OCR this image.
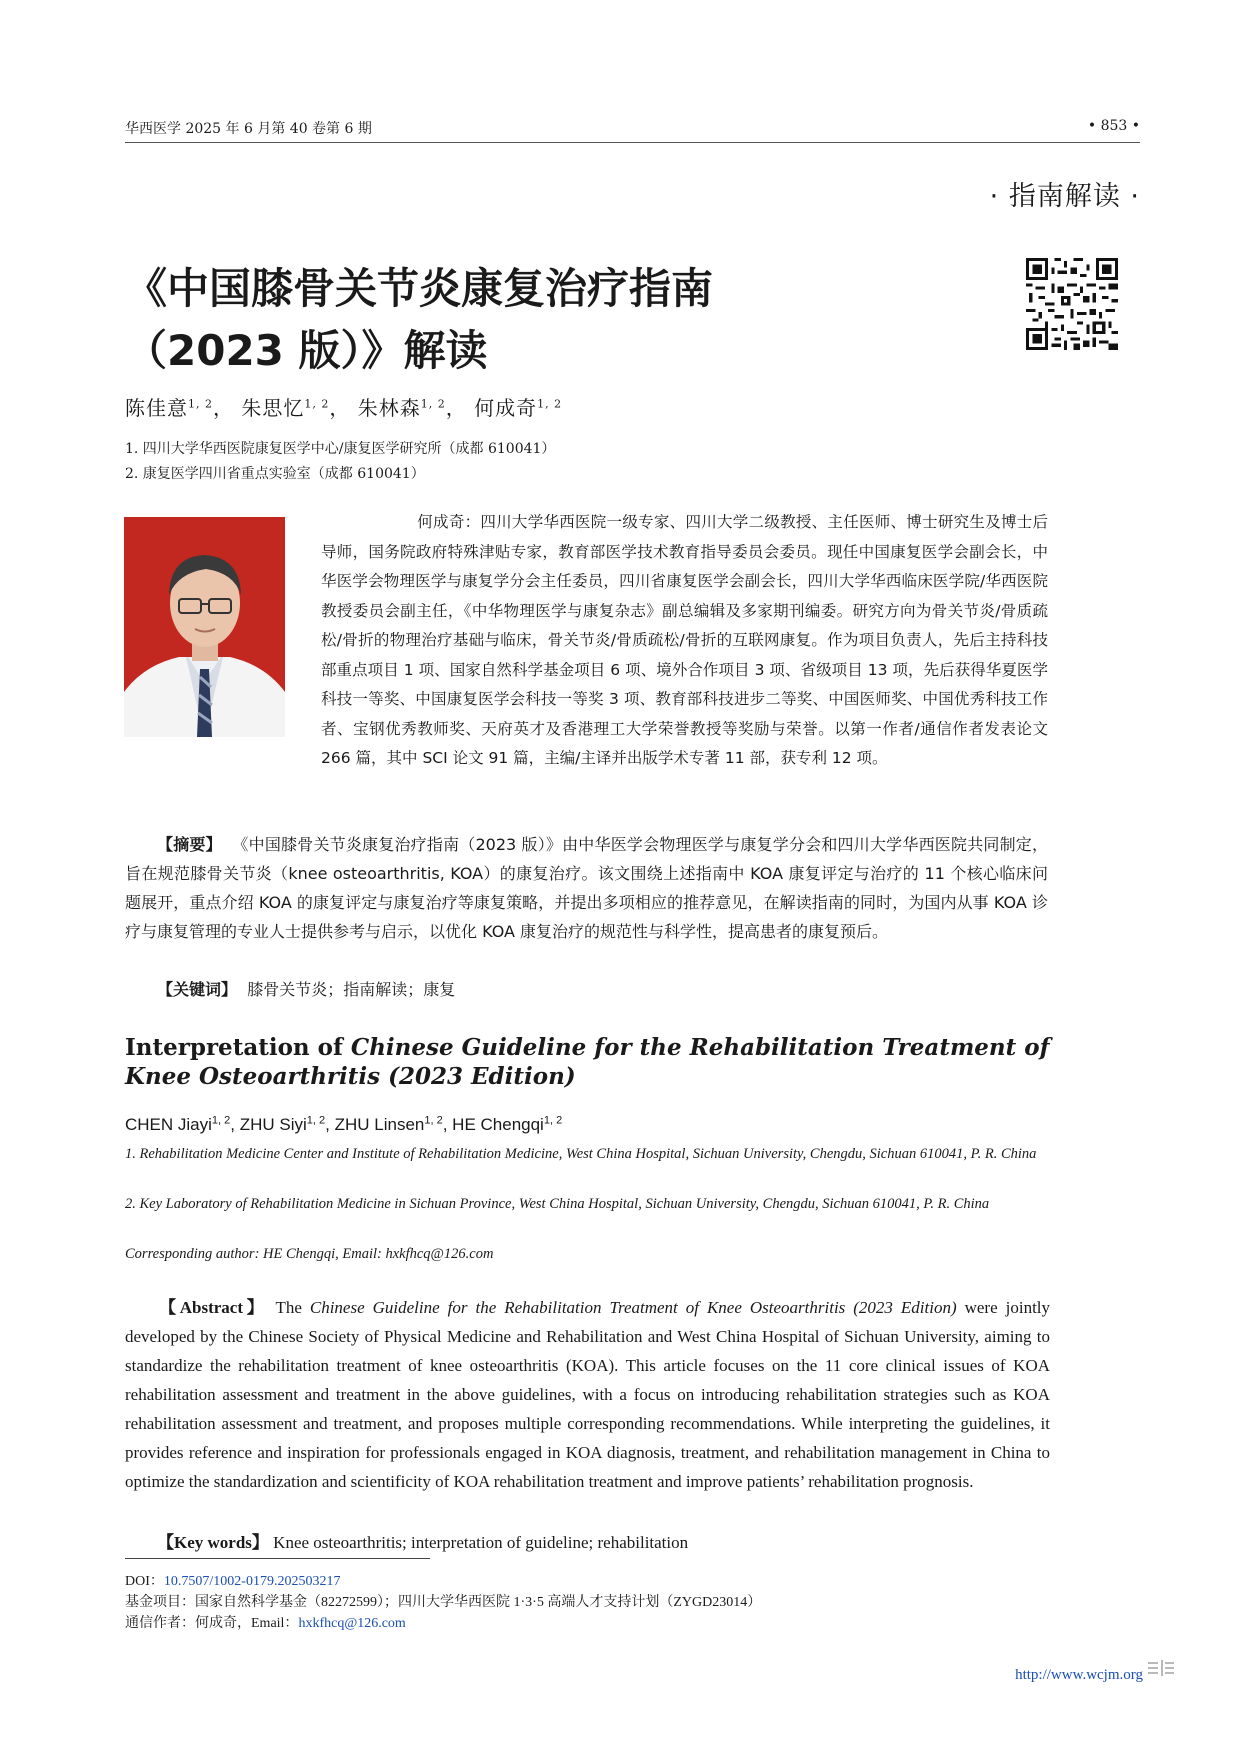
华西医学 2025 年 6 月第 40 卷第 6 期	• 853 •
· 指南解读 ·
《中国膝骨关节炎康复治疗指南
（2023 版）》解读
陈佳意$^{1, 2}$， 朱思忆$^{1, 2}$， 朱林森$^{1, 2}$， 何成奇$^{1, 2}$
1. 四川大学华西医院康复医学中心/康复医学研究所（成都 610041）
2. 康复医学四川省重点实验室（成都 610041）
何成奇：四川大学华西医院一级专家、四川大学二级教授、主任医师、博士研究生及博士后导师，国务院政府特殊津贴专家，教育部医学技术教育指导委员会委员。现任中国康复医学会副会长，中华医学会物理医学与康复学分会主任委员，四川省康复医学会副会长，四川大学华西临床医学院/华西医院教授委员会副主任，《中华物理医学与康复杂志》副总编辑及多家期刊编委。研究方向为骨关节炎/骨质疏松/骨折的物理治疗基础与临床，骨关节炎/骨质疏松/骨折的互联网康复。作为项目负责人，先后主持科技部重点项目 1 项、国家自然科学基金项目 6 项、境外合作项目 3 项、省级项目 13 项，先后获得华夏医学科技一等奖、中国康复医学会科技一等奖 3 项、教育部科技进步二等奖、中国医师奖、中国优秀科技工作者、宝钢优秀教师奖、天府英才及香港理工大学荣誉教授等奖励与荣誉。以第一作者/通信作者发表论文 266 篇，其中 SCI 论文 91 篇，主编/主译并出版学术专著 11 部，获专利 12 项。

【摘要】 《中国膝骨关节炎康复治疗指南（2023 版）》由中华医学会物理医学与康复学分会和四川大学华西医院共同制定，旨在规范膝骨关节炎（knee osteoarthritis, KOA）的康复治疗。该文围绕上述指南中 KOA 康复评定与治疗的 11 个核心临床问题展开，重点介绍 KOA 的康复评定与康复治疗等康复策略，并提出多项相应的推荐意见，在解读指南的同时，为国内从事 KOA 诊疗与康复管理的专业人士提供参考与启示，以优化 KOA 康复治疗的规范性与科学性，提高患者的康复预后。

【关键词】 膝骨关节炎；指南解读；康复
Interpretation of Chinese Guideline for the Rehabilitation Treatment of Knee Osteoarthritis (2023 Edition)
CHEN Jiayi$^{1, 2}$, ZHU Siyi$^{1, 2}$, ZHU Linsen$^{1, 2}$, HE Chengqi$^{1, 2}$
1. Rehabilitation Medicine Center and Institute of Rehabilitation Medicine, West China Hospital, Sichuan University, Chengdu, Sichuan 610041, P. R. China
2. Key Laboratory of Rehabilitation Medicine in Sichuan Province, West China Hospital, Sichuan University, Chengdu, Sichuan 610041, P. R. China
Corresponding author: HE Chengqi, Email: hxkfhcq@126.com

【Abstract】 The Chinese Guideline for the Rehabilitation Treatment of Knee Osteoarthritis (2023 Edition) were jointly developed by the Chinese Society of Physical Medicine and Rehabilitation and West China Hospital of Sichuan University, aiming to standardize the rehabilitation treatment of knee osteoarthritis (KOA). This article focuses on the 11 core clinical issues of KOA rehabilitation assessment and treatment in the above guidelines, with a focus on introducing rehabilitation strategies such as KOA rehabilitation assessment and treatment, and proposes multiple corresponding recommendations. While interpreting the guidelines, it provides reference and inspiration for professionals engaged in KOA diagnosis, treatment, and rehabilitation management in China to optimize the standardization and scientificity of KOA rehabilitation treatment and improve patients’ rehabilitation prognosis.

【Key words】 Knee osteoarthritis; interpretation of guideline; rehabilitation
DOI：10.7507/1002-0179.202503217
基金项目：国家自然科学基金（82272599）；四川大学华西医院 1·3·5 高端人才支持计划（ZYGD23014）
通信作者：何成奇，Email：hxkfhcq@126.com
http://www.wcjm.org
